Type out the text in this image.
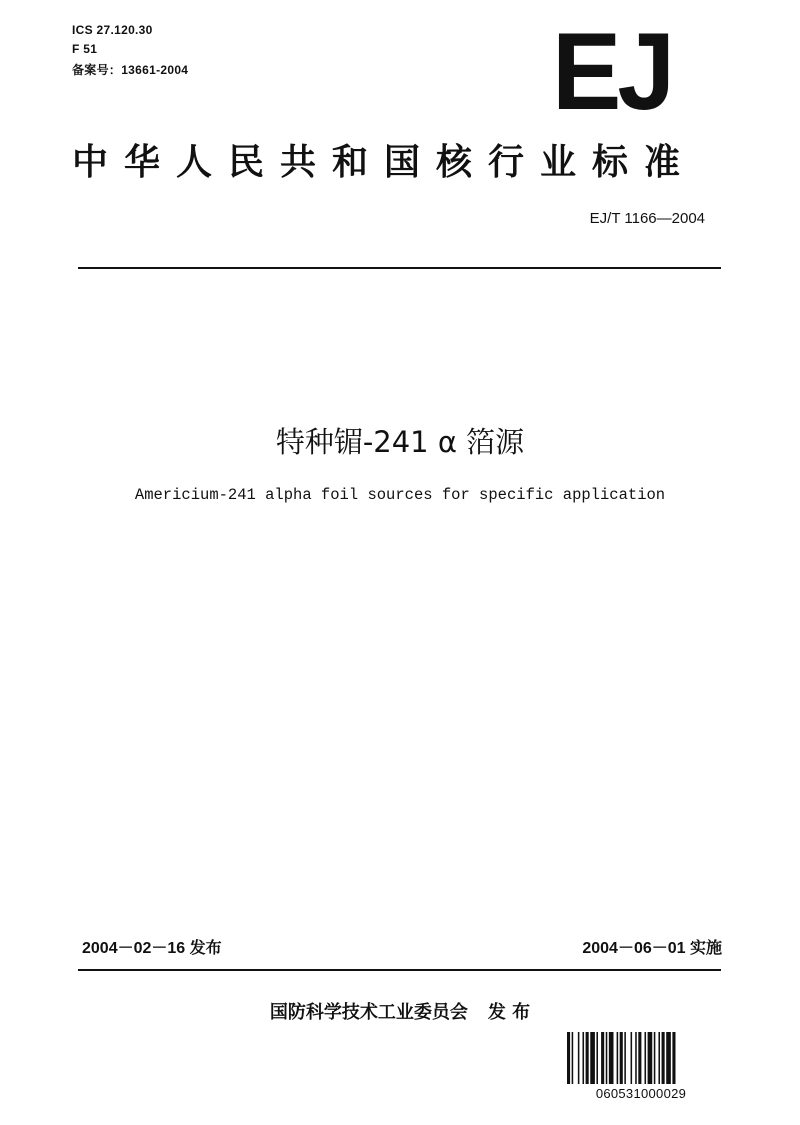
ICS 27.120.30
F 51
备案号：13661-2004	EJ
中华人民共和国核行业标准
EJ/T 1166—2004
特种镅-241 α 箔源
Americium-241 alpha foil sources for specific application
2004－02－16 发布	2004－06－01 实施
国防科学技术工业委员会 发 布
060531000029
